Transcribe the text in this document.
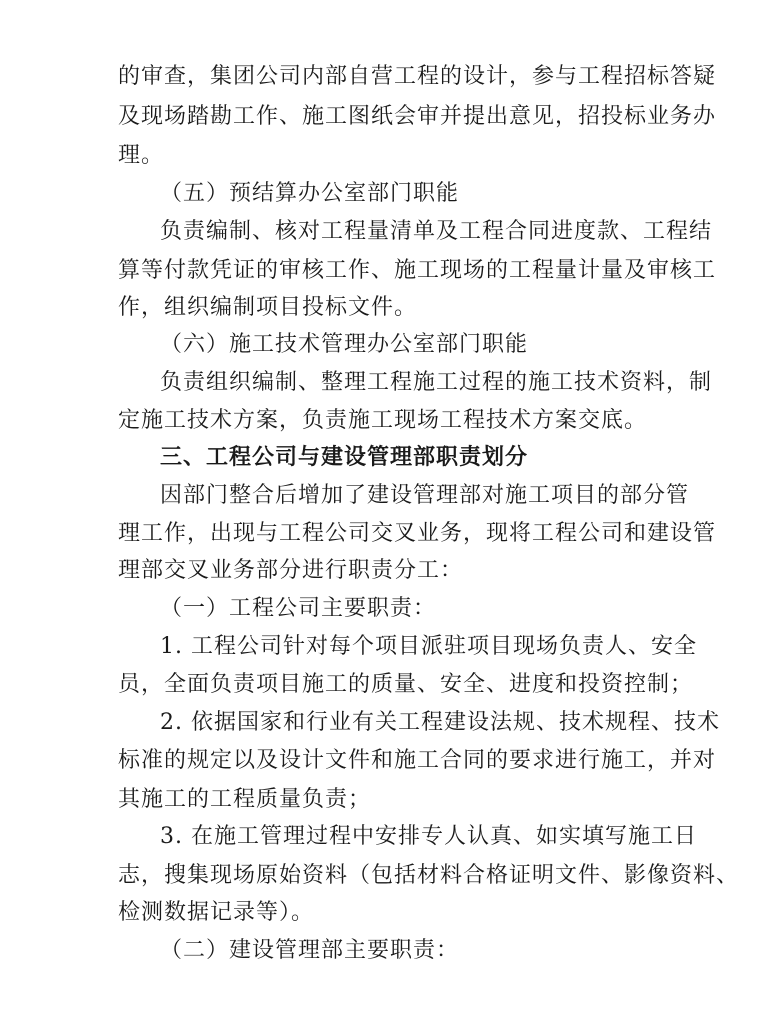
的审查，集团公司内部自营工程的设计，参与工程招标答疑
及现场踏勘工作、施工图纸会审并提出意见，招投标业务办
理。
（五）预结算办公室部门职能
负责编制、核对工程量清单及工程合同进度款、工程结
算等付款凭证的审核工作、施工现场的工程量计量及审核工
作，组织编制项目投标文件。
（六）施工技术管理办公室部门职能
负责组织编制、整理工程施工过程的施工技术资料，制
定施工技术方案，负责施工现场工程技术方案交底。
三、工程公司与建设管理部职责划分
因部门整合后增加了建设管理部对施工项目的部分管
理工作，出现与工程公司交叉业务，现将工程公司和建设管
理部交叉业务部分进行职责分工：
（一）工程公司主要职责：
1. 工程公司针对每个项目派驻项目现场负责人、安全
员，全面负责项目施工的质量、安全、进度和投资控制；
2. 依据国家和行业有关工程建设法规、技术规程、技术
标准的规定以及设计文件和施工合同的要求进行施工，并对
其施工的工程质量负责；
3. 在施工管理过程中安排专人认真、如实填写施工日
志，搜集现场原始资料（包括材料合格证明文件、影像资料、
检测数据记录等）。
（二）建设管理部主要职责：
